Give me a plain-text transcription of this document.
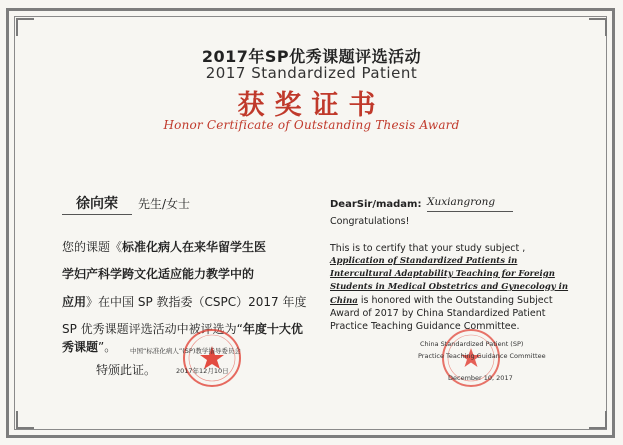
2017年SP优秀课题评选活动
2017 Standardized Patient
获奖证书
Honor Certificate of Outstanding Thesis Award
徐向荣 先生/女士
您的课题《标准化病人在来华留学生医
学妇产科学跨文化适应能力教学中的
应用》在中国 SP 教指委（CSPC）2017 年度
SP 优秀课题评选活动中被评选为“年度十大优
秀课题”。
特颁此证。
中国“标准化病人”(SP)教学指导委员会
2017年12月10日
DearSir/madam: Xuxiangrong
Congratulations!
This is to certify that your study subject ,
Application of Standardized Patients in
Intercultural Adaptability Teaching for Foreign
Students in Medical Obstetrics and Gynecology in
China is honored with the Outstanding Subject
Award of 2017 by China Standardized Patient
Practice Teaching Guidance Committee.
China Standardized Patient (SP)
Practice Teaching Guidance Committee
December 10, 2017
